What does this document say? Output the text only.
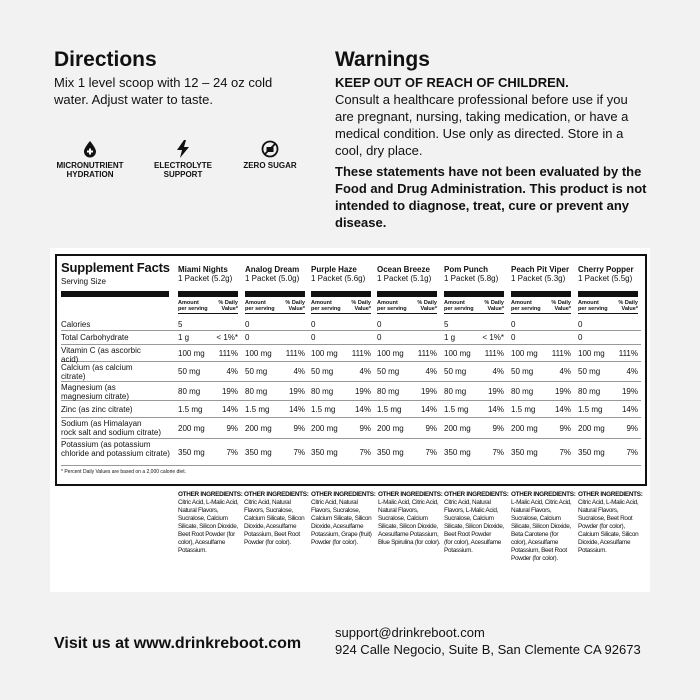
Directions
Mix 1 level scoop with 12 – 24 oz cold
water. Adjust water to taste.
MICRONUTRIENT
HYDRATION
ELECTROLYTE
SUPPORT
ZERO SUGAR
Warnings
KEEP OUT OF REACH OF CHILDREN.
Consult a healthcare professional before use if you
are pregnant, nursing, taking medication, or have a
medical condition. Use only as directed. Store in a
cool, dry place.
These statements have not been evaluated by the
Food and Drug Administration. This product is not
intended to diagnose, treat, cure or prevent any
disease.
Supplement Facts
Serving Size
Miami Nights
1 Packet (5.2g)
Amount
per serving
% Daily
Value*
Analog Dream
1 Packet (5.0g)
Amount
per serving
% Daily
Value*
Purple Haze
1 Packet (5.6g)
Amount
per serving
% Daily
Value*
Ocean Breeze
1 Packet (5.1g)
Amount
per serving
% Daily
Value*
Pom Punch
1 Packet (5.8g)
Amount
per serving
% Daily
Value*
Peach Pit Viper
1 Packet (5.3g)
Amount
per serving
% Daily
Value*
Cherry Popper
1 Packet (5.5g)
Amount
per serving
% Daily
Value*
Calories	5	0	0	0	5	0	0
Total Carbohydrate	1 g	< 1%* 0	0	0	1 g	< 1%* 0	0
Vitamin C (as ascorbic
acid)
100 mg 111% 100 mg 111% 100 mg 111% 100 mg 111% 100 mg 111% 100 mg 111% 100 mg 111%
Calcium (as calcium
citrate)
50 mg	4% 50 mg	4% 50 mg	4% 50 mg	4% 50 mg	4% 50 mg	4% 50 mg	4%
Magnesium (as
magnesium citrate)
80 mg	19% 80 mg	19% 80 mg	19% 80 mg	19% 80 mg	19% 80 mg	19% 80 mg	19%
Zinc (as zinc citrate)	1.5 mg 14% 1.5 mg 14% 1.5 mg 14% 1.5 mg 14% 1.5 mg 14% 1.5 mg 14% 1.5 mg 14%
Sodium (as Himalayan
rock salt and sodium citrate) 200 mg	9% 200 mg	9% 200 mg	9% 200 mg	9% 200 mg	9% 200 mg	9% 200 mg	9%
Potassium (as potassium
chloride and potassium citrate) 350 mg	7% 350 mg	7% 350 mg	7% 350 mg	7% 350 mg	7% 350 mg	7% 350 mg	7%
* Percent Daily Values are based on a 2,000 calorie diet.
OTHER INGREDIENTS:
Citric Acid, L-Malic Acid,
Natural Flavors,
Sucralose, Calcium
Silicate, Silicon Dioxide,
Beet Root Powder (for
color), Acesulfame
Potassium.
OTHER INGREDIENTS:
Citric Acid, Natural
Flavors, Sucralose,
Calcium Silicate, Silicon
Dioxide, Acesulfame
Potassium, Beet Root
Powder (for color).
OTHER INGREDIENTS:
Citric Acid, Natural
Flavors, Sucralose,
Calcium Silicate, Silicon
Dioxide, Acesulfame
Potassium, Grape (fruit)
Powder (for color).
OTHER INGREDIENTS:
L-Malic Acid, Citric Acid,
Natural Flavors,
Sucralose, Calcium
Silicate, Silicon Dioxide,
Acesulfame Potassium,
Blue Spirulina (for color).
OTHER INGREDIENTS:
Citric Acid, Natural
Flavors, L-Malic Acid,
Sucralose, Calcium
Silicate, Silicon Dioxide,
Beet Root Powder
(for color), Acesulfame
Potassium.
OTHER INGREDIENTS:
L-Malic Acid, Citric Acid,
Natural Flavors,
Sucralose, Calcium
Silicate, Silicon Dioxide,
Beta Carotene (for
color), Acesulfame
Potassium, Beet Root
Powder (for color).
OTHER INGREDIENTS:
Citric Acid, L-Malic Acid,
Natural Flavors,
Sucralose, Beet Root
Powder (for color),
Calcium Silicate, Silicon
Dioxide, Acesulfame
Potassium.
Visit us at www.drinkreboot.com
support@drinkreboot.com
924 Calle Negocio, Suite B, San Clemente CA 92673
